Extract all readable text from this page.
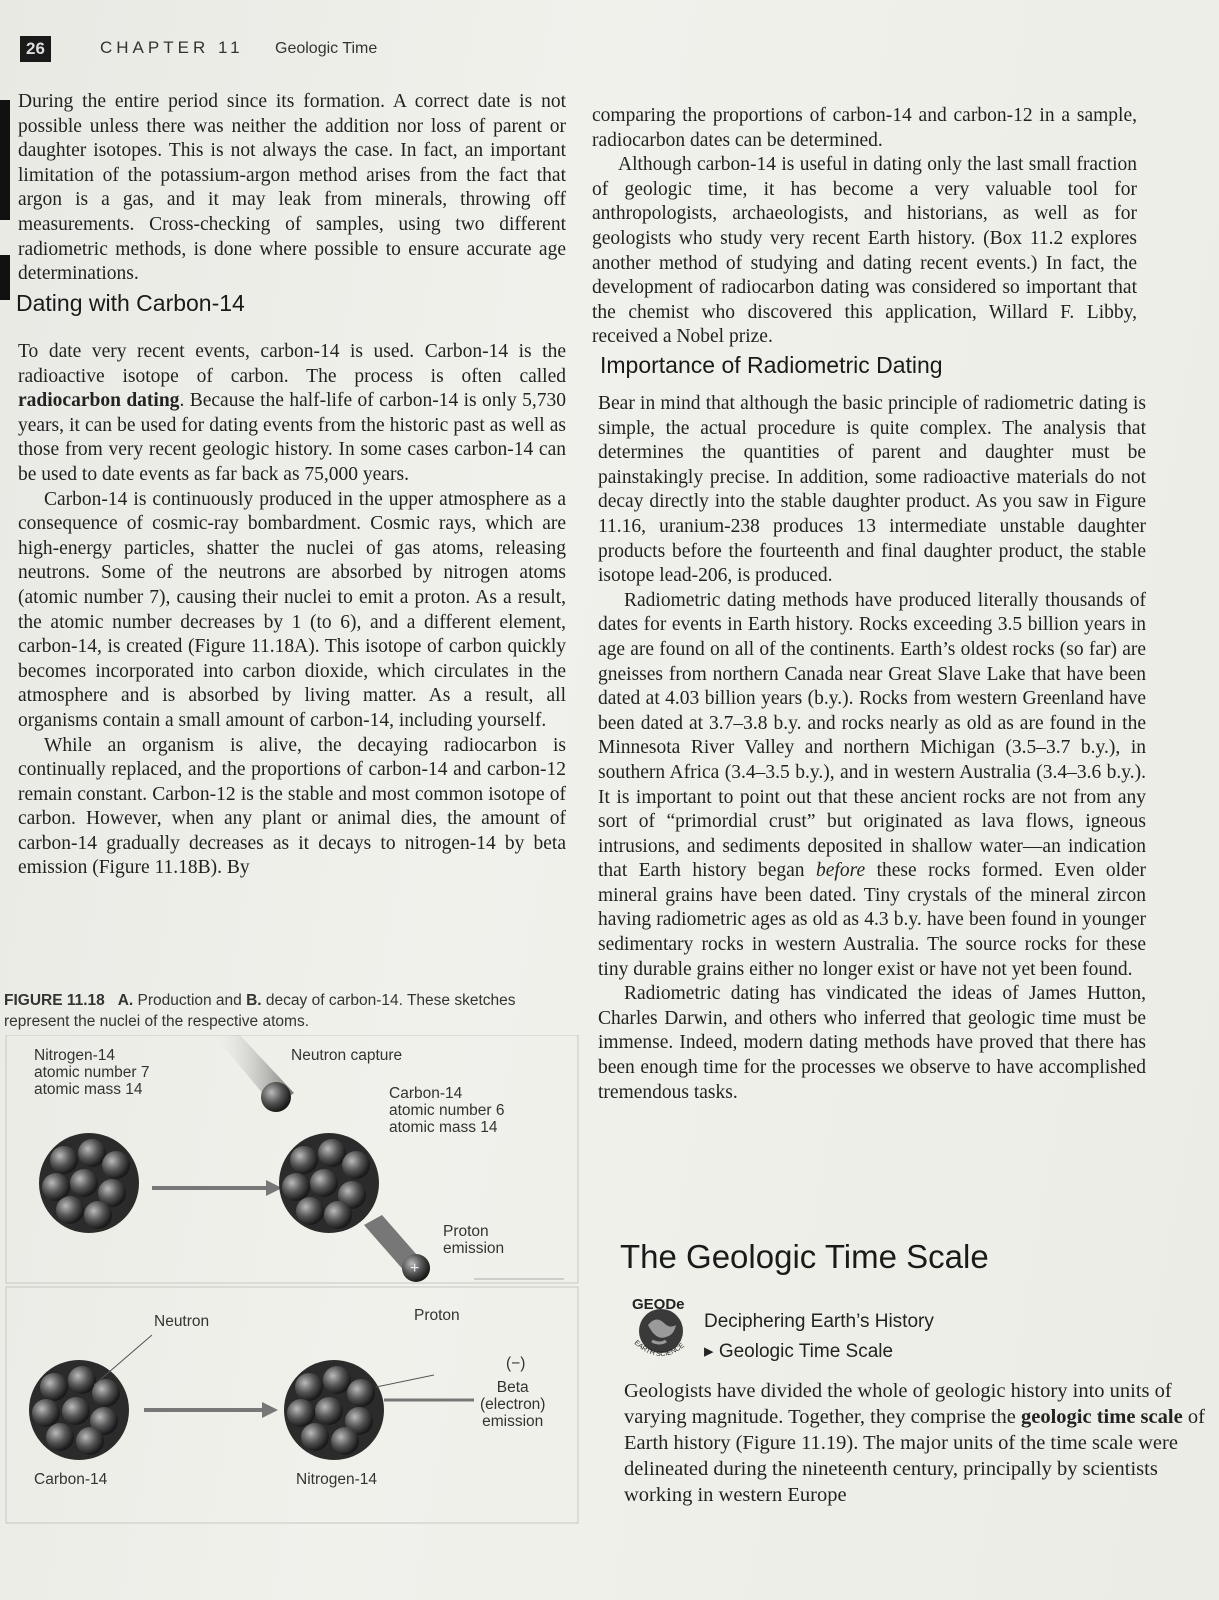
26	CHAPTER 11 Geologic Time

During the entire period since its formation. A correct date is not possible unless there was neither the addition nor loss of parent or daughter isotopes. This is not always the case. In fact, an important limitation of the potassium-argon method arises from the fact that argon is a gas, and it may leak from minerals, throwing off measurements. Cross-checking of samples, using two different radiometric methods, is done where possible to ensure accurate age determinations.

Dating with Carbon-14

To date very recent events, carbon-14 is used. Carbon-14 is the radioactive isotope of carbon. The process is often called radiocarbon dating. Because the half-life of carbon-14 is only 5,730 years, it can be used for dating events from the historic past as well as those from very recent geologic history. In some cases carbon-14 can be used to date events as far back as 75,000 years.

Carbon-14 is continuously produced in the upper atmosphere as a consequence of cosmic-ray bombardment. Cosmic rays, which are high-energy particles, shatter the nuclei of gas atoms, releasing neutrons. Some of the neutrons are absorbed by nitrogen atoms (atomic number 7), causing their nuclei to emit a proton. As a result, the atomic number decreases by 1 (to 6), and a different element, carbon-14, is created (Figure 11.18A). This isotope of carbon quickly becomes incorporated into carbon dioxide, which circulates in the atmosphere and is absorbed by living matter. As a result, all organisms contain a small amount of carbon-14, including yourself.

While an organism is alive, the decaying radiocarbon is continually replaced, and the proportions of carbon-14 and carbon-12 remain constant. Carbon-12 is the stable and most common isotope of carbon. However, when any plant or animal dies, the amount of carbon-14 gradually decreases as it decays to nitrogen-14 by beta emission (Figure 11.18B). By

FIGURE 11.18 A. Production and B. decay of carbon-14. These sketches represent the nuclei of the respective atoms.
+
Nitrogen-14
atomic number 7
atomic mass 14
Neutron capture
Carbon-14
atomic number 6
atomic mass 14
Proton
emission
Neutron	Proton
(−)
Beta
(electron)
emission
Carbon-14	Nitrogen-14

comparing the proportions of carbon-14 and carbon-12 in a sample, radiocarbon dates can be determined.

Although carbon-14 is useful in dating only the last small fraction of geologic time, it has become a very valuable tool for anthropologists, archaeologists, and historians, as well as for geologists who study very recent Earth history. (Box 11.2 explores another method of studying and dating recent events.) In fact, the development of radiocarbon dating was considered so important that the chemist who discovered this application, Willard F. Libby, received a Nobel prize.

Importance of Radiometric Dating

Bear in mind that although the basic principle of radiometric dating is simple, the actual procedure is quite complex. The analysis that determines the quantities of parent and daughter must be painstakingly precise. In addition, some radioactive materials do not decay directly into the stable daughter product. As you saw in Figure 11.16, uranium-238 produces 13 intermediate unstable daughter products before the fourteenth and final daughter product, the stable isotope lead-206, is produced.

Radiometric dating methods have produced literally thousands of dates for events in Earth history. Rocks exceeding 3.5 billion years in age are found on all of the continents. Earth’s oldest rocks (so far) are gneisses from northern Canada near Great Slave Lake that have been dated at 4.03 billion years (b.y.). Rocks from western Greenland have been dated at 3.7–3.8 b.y. and rocks nearly as old as are found in the Minnesota River Valley and northern Michigan (3.5–3.7 b.y.), in southern Africa (3.4–3.5 b.y.), and in western Australia (3.4–3.6 b.y.). It is important to point out that these ancient rocks are not from any sort of “primordial crust” but originated as lava flows, igneous intrusions, and sediments deposited in shallow water—an indication that Earth history began before these rocks formed. Even older mineral grains have been dated. Tiny crystals of the mineral zircon having radiometric ages as old as 4.3 b.y. have been found in younger sedimentary rocks in western Australia. The source rocks for these tiny durable grains either no longer exist or have not yet been found.

Radiometric dating has vindicated the ideas of James Hutton, Charles Darwin, and others who inferred that geologic time must be immense. Indeed, modern dating methods have proved that there has been enough time for the processes we observe to have accomplished tremendous tasks.

The Geologic Time Scale
GEODe
EARTH SCIENCE
Deciphering Earth’s History
▸ Geologic Time Scale

Geologists have divided the whole of geologic history into units of varying magnitude. Together, they comprise the geologic time scale of Earth history (Figure 11.19). The major units of the time scale were delineated during the nineteenth century, principally by scientists working in western Europe
